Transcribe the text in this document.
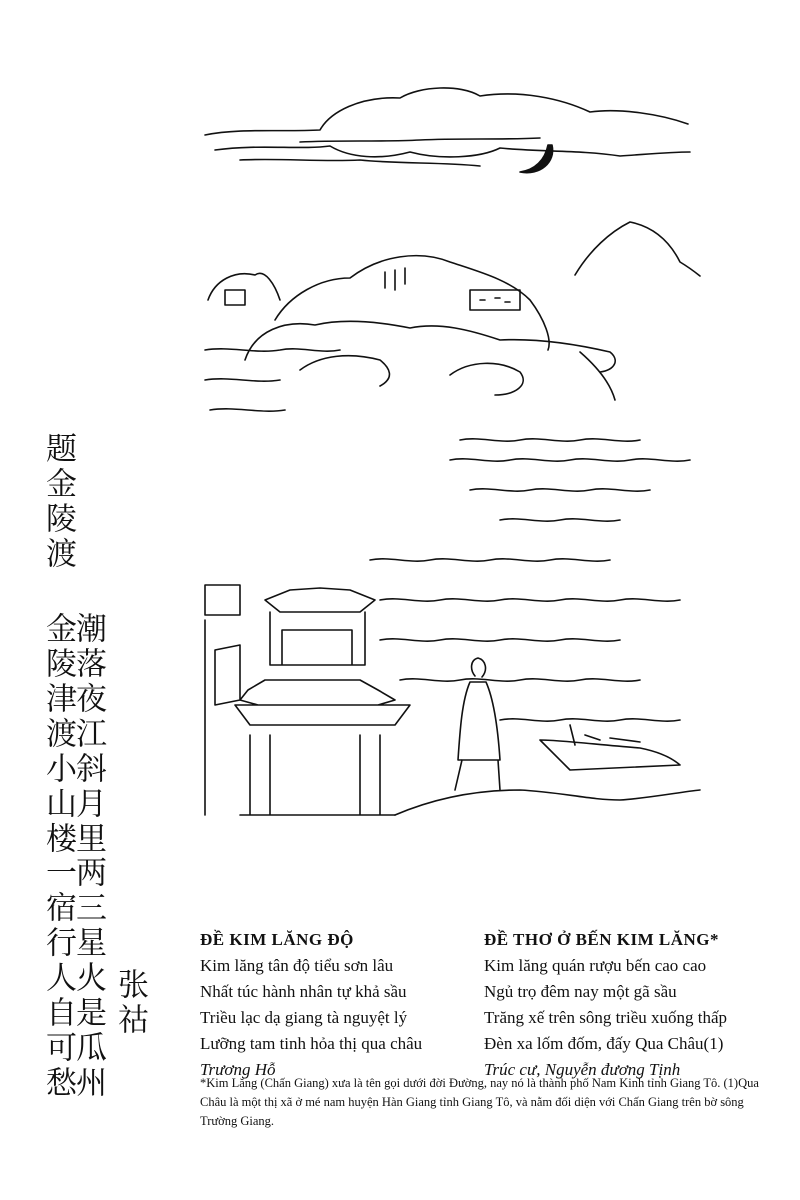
题金陵渡
潮落夜江斜月里
金陵津渡小山楼
两三星火是瓜州
一宿行人自可愁 张祜
ĐỀ KIM LĂNG ĐỘ
Kim lăng tân độ tiểu sơn lâu
Nhất túc hành nhân tự khả sầu
Triều lạc dạ giang tà nguyệt lý
Lưỡng tam tinh hỏa thị qua châu
Trương Hỗ
ĐỀ THƠ Ở BẾN KIM LĂNG*
Kim lăng quán rượu bến cao cao
Ngủ trọ đêm nay một gã sầu
Trăng xế trên sông triều xuống thấp
Đèn xa lốm đốm, đấy Qua Châu(1)
Trúc cư, Nguyễn đương Tịnh
*Kim Lăng (Chấn Giang) xưa là tên gọi dưới đời Đường, nay nó là thành phố Nam Kinh tỉnh Giang Tô. (1)Qua Châu là một thị xã ở mé nam huyện Hàn Giang tỉnh Giang Tô, và nằm đối diện với Chấn Giang trên bờ sông Trường Giang.
